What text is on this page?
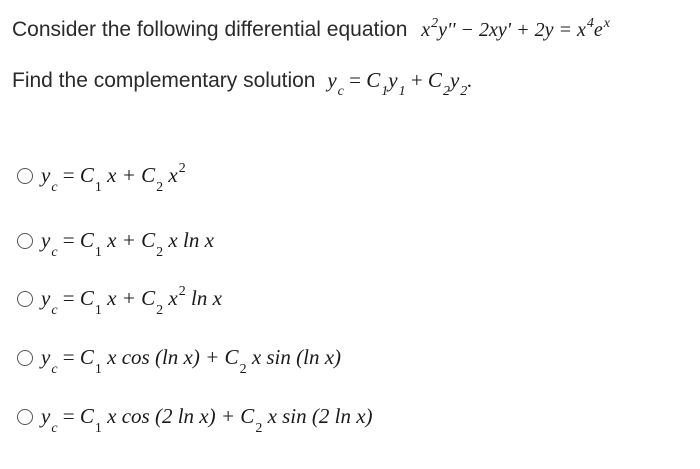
Consider the following differential equation $x^2y'' - 2xy' + 2y = x^4e^x$
Find the complementary solution $y_c = C_1y_1 + C_2y_2$.
$y_c = C_1$ $x + C_2$ $x^2$
$y_c = C_1$ $x + C_2$ x ln x
$y_c = C_1$ $x + C_2$ $x^2$ ln x
$y_c = C_1$ x cos (ln $x) + C_2$ x sin (ln x)
$y_c = C_1$ x cos (2 $\ln x) + C_2$ x sin (2 ln x)
